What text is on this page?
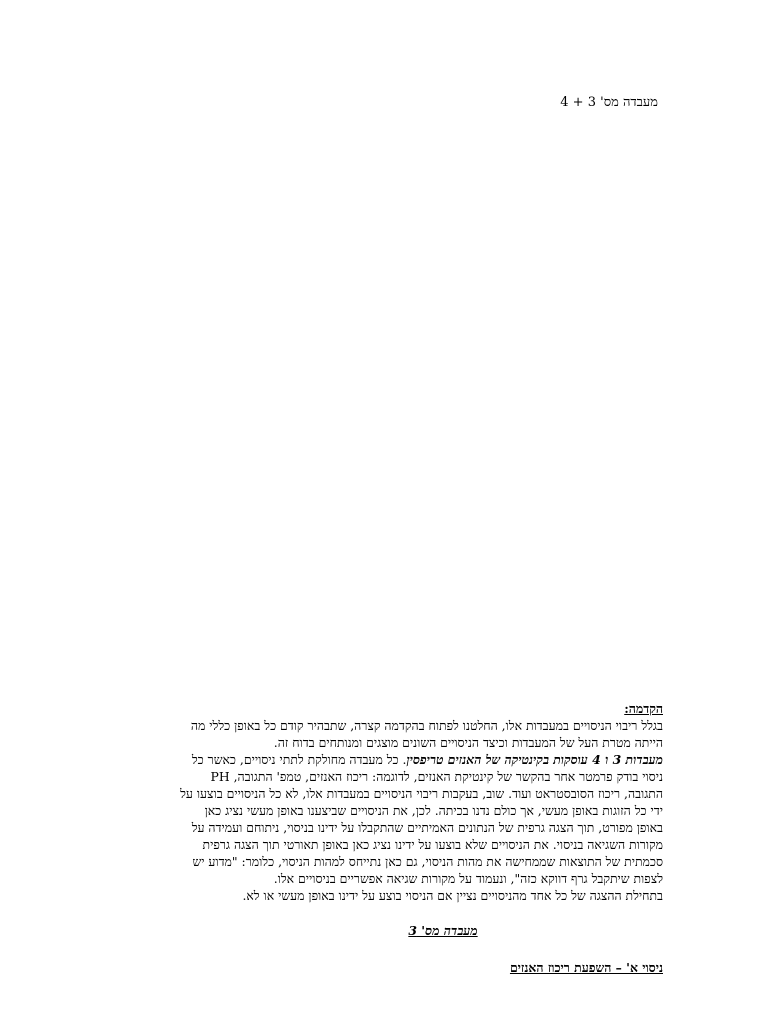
מעבדה מס' 3 + 4
הקדמה:
בגלל ריבוי הניסויים במעבדות אלו, החלטנו לפתוח בהקדמה קצרה, שתבהיר קודם כל באופן כללי מה
הייתה מטרת העל של המעבדות וכיצד הניסויים השונים מוצגים ומנותחים בדוח זה.
מעבדות 3 ו 4 עוסקות בקינטיקה של האנזים טריפסין. כל מעבדה מחולקת לתתי ניסויים, כאשר כל
ניסוי בודק פרמטר אחר בהקשר של קינטיקת האנזים, לדוגמה: ריכוז האנזים, טמפ' התגובה, PH
התגובה, ריכוז הסובסטראט ועוד. שוב, בעקבות ריבוי הניסויים במעבדות אלו, לא כל הניסויים בוצעו על
ידי כל הזוגות באופן מעשי, אך כולם נדנו בכיתה. לכן, את הניסויים שביצענו באופן מעשי נציג כאן
באופן מפורט, תוך הצגה גרפית של הנתונים האמיתיים שהתקבלו על ידינו בניסוי, ניתוחם ועמידה על
מקורות השגיאה בניסוי. את הניסויים שלא בוצעו על ידינו נציג כאן באופן תאורטי תוך הצגה גרפית
סכמתית של התוצאות שממחישה את מהות הניסוי, גם כאן נתייחס למהות הניסוי, כלומר: "מדוע יש
לצפות שיתקבל גרף דווקא כזה", ונעמוד על מקורות שגיאה אפשריים בניסויים אלו.
בתחילת ההצגה של כל אחד מהניסויים נציין אם הניסוי בוצע על ידינו באופן מעשי או לא.
מעבדה מס' 3
ניסוי א' – השפעת ריכוז האנזים
